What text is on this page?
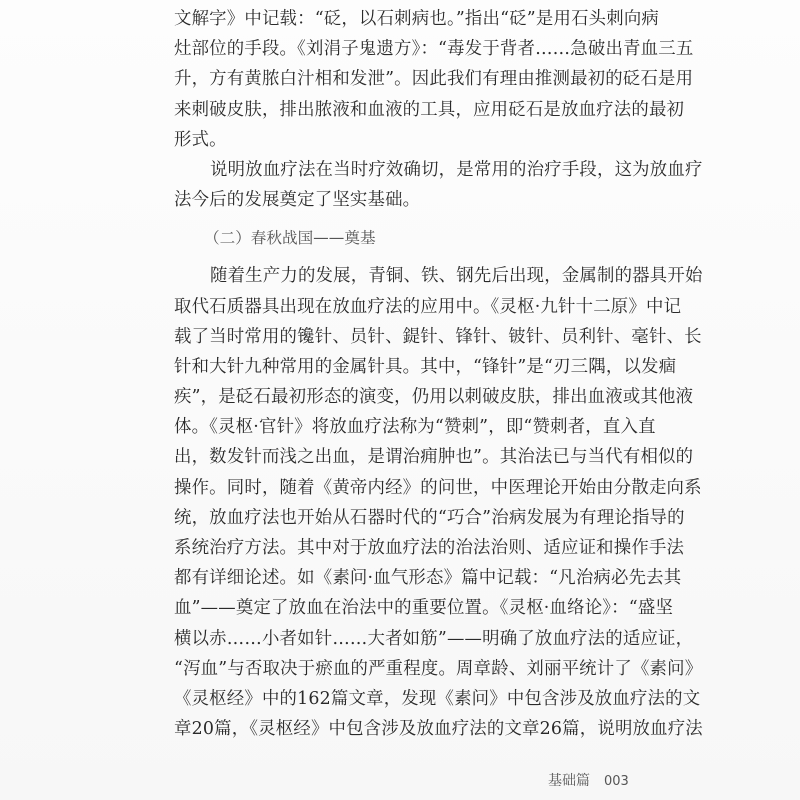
文解字》中记载：“砭，以石刺病也。”指出“砭”是用石头刺向病
灶部位的手段。《刘涓子鬼遗方》：“毒发于背者……急破出青血三五
升，方有黄脓白汁相和发泄”。因此我们有理由推测最初的砭石是用
来刺破皮肤，排出脓液和血液的工具，应用砭石是放血疗法的最初
形式。
说明放血疗法在当时疗效确切，是常用的治疗手段，这为放血疗
法今后的发展奠定了坚实基础。
（二）春秋战国——奠基
随着生产力的发展，青铜、铁、钢先后出现，金属制的器具开始
取代石质器具出现在放血疗法的应用中。《灵枢·九针十二原》中记
载了当时常用的镵针、员针、鍉针、锋针、铍针、员利针、毫针、长
针和大针九种常用的金属针具。其中，“锋针”是“刃三隅，以发痼
疾”，是砭石最初形态的演变，仍用以刺破皮肤，排出血液或其他液
体。《灵枢·官针》将放血疗法称为“赞刺”，即“赞刺者，直入直
出，数发针而浅之出血，是谓治痈肿也”。其治法已与当代有相似的
操作。同时，随着《黄帝内经》的问世，中医理论开始由分散走向系
统，放血疗法也开始从石器时代的“巧合”治病发展为有理论指导的
系统治疗方法。其中对于放血疗法的治法治则、适应证和操作手法
都有详细论述。如《素问·血气形态》篇中记载：“凡治病必先去其
血”——奠定了放血在治法中的重要位置。《灵枢·血络论》：“盛坚
横以赤……小者如针……大者如筋”——明确了放血疗法的适应证，
“泻血”与否取决于瘀血的严重程度。周章龄、刘丽平统计了《素问》
《灵枢经》中的162篇文章，发现《素问》中包含涉及放血疗法的文
章20篇，《灵枢经》中包含涉及放血疗法的文章26篇，说明放血疗法
基础篇 003
